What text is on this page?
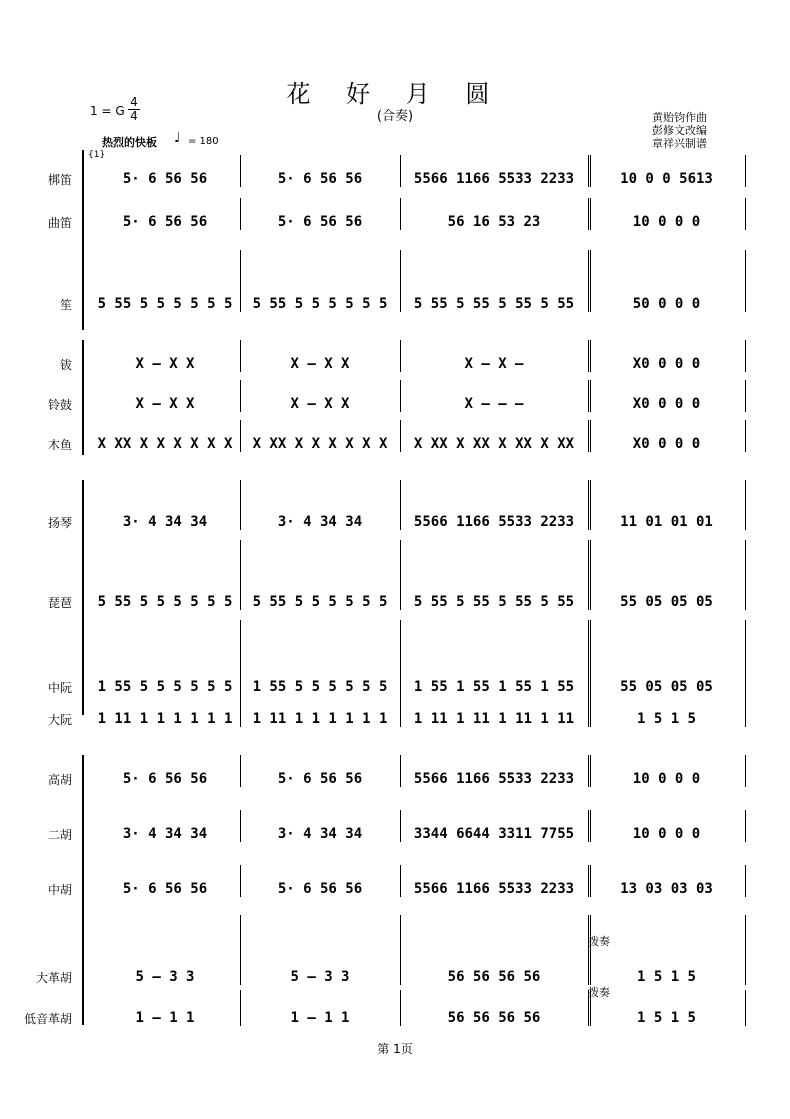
花 好 月 圆
(合奏)
1 = G $\frac{4}{4}$
热烈的快板 ♩ = 180
{1}
黄贻钧作曲
彭修文改编
章祥兴制谱
梆笛	5· 6 56 56	5· 6 56 56	5566 1166 5533 2233	10 0 0 5613
曲笛	5· 6 56 56	5· 6 56 56	56 16 53 23	10 0 0 0
笙 5 55 5 5 5 5 5 5	5 55 5 5 5 5 5 5	5 55 5 55 5 55 5 55	50 0 0 0
钹	X – X X	X – X X	X – X –	X0 0 0 0
铃鼓	X – X X	X – X X	X – – –	X0 0 0 0
木鱼 X XX X X X X X X	X XX X X X X X X	X XX X XX X XX X XX	X0 0 0 0
扬琴	3· 4 34 34	3· 4 34 34	5566 1166 5533 2233	11 01 01 01
琵琶 5 55 5 5 5 5 5 5	5 55 5 5 5 5 5 5	5 55 5 55 5 55 5 55	55 05 05 05
中阮 1 55 5 5 5 5 5 5	1 55 5 5 5 5 5 5	1 55 1 55 1 55 1 55	55 05 05 05
大阮 1 11 1 1 1 1 1 1	1 11 1 1 1 1 1 1	1 11 1 11 1 11 1 11	1 5 1 5
高胡	5· 6 56 56	5· 6 56 56	5566 1166 5533 2233	10 0 0 0
二胡	3· 4 34 34	3· 4 34 34	3344 6644 3311 7755	10 0 0 0
中胡	5· 6 56 56	5· 6 56 56	5566 1166 5533 2233	13 03 03 03
大革胡	5 – 3 3	5 – 3 3	56 56 56 56	1 5 1 5
低音革胡	1 – 1 1	1 – 1 1	56 56 56 56	1 5 1 5
拨奏
拨奏
第 1页
